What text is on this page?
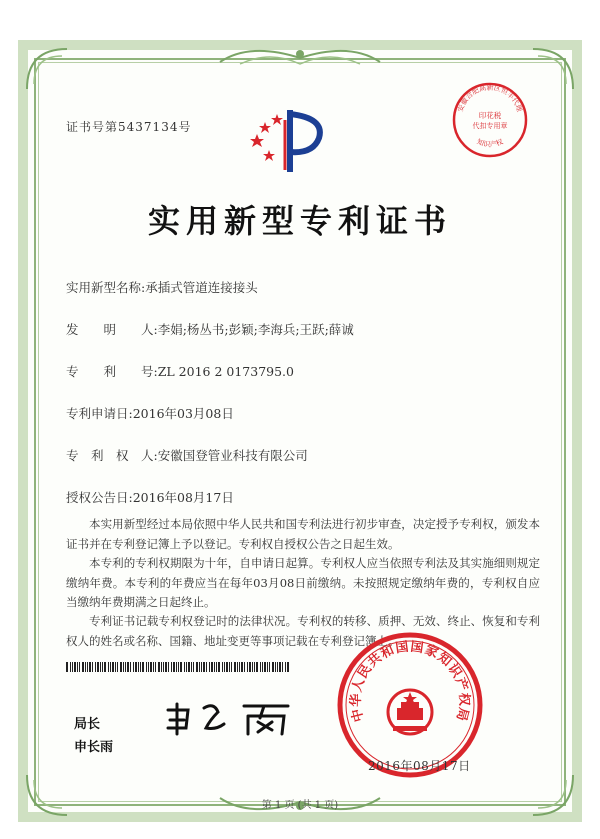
证书号第5437134号
实用新型专利证书
实用新型名称:承插式管道连接接头
发　　明　　人:李娟;杨丛书;彭颖;李海兵;王跃;薛诚
专　　利　　号:ZL 2016 2 0173795.0
专利申请日:2016年03月08日
专　利　权　人:安徽国登管业科技有限公司
授权公告日:2016年08月17日
本实用新型经过本局依照中华人民共和国专利法进行初步审查，决定授予专利权，颁发本证书并在专利登记簿上予以登记。专利权自授权公告之日起生效。
本专利的专利权期限为十年，自申请日起算。专利权人应当依照专利法及其实施细则规定缴纳年费。本专利的年费应当在每年03月08日前缴纳。未按照规定缴纳年费的，专利权自应当缴纳年费期满之日起终止。
专利证书记载专利权登记时的法律状况。专利权的转移、质押、无效、终止、恢复和专利权人的姓名或名称、国籍、地址变更等事项记载在专利登记簿上。
局长
申长雨
中华人民共和国国家知识产权局
2016年08月17日
安徽合肥高新区恒丰代理
印花税
代扣专用章
知识产权
第 1 页 (共 1 页)
